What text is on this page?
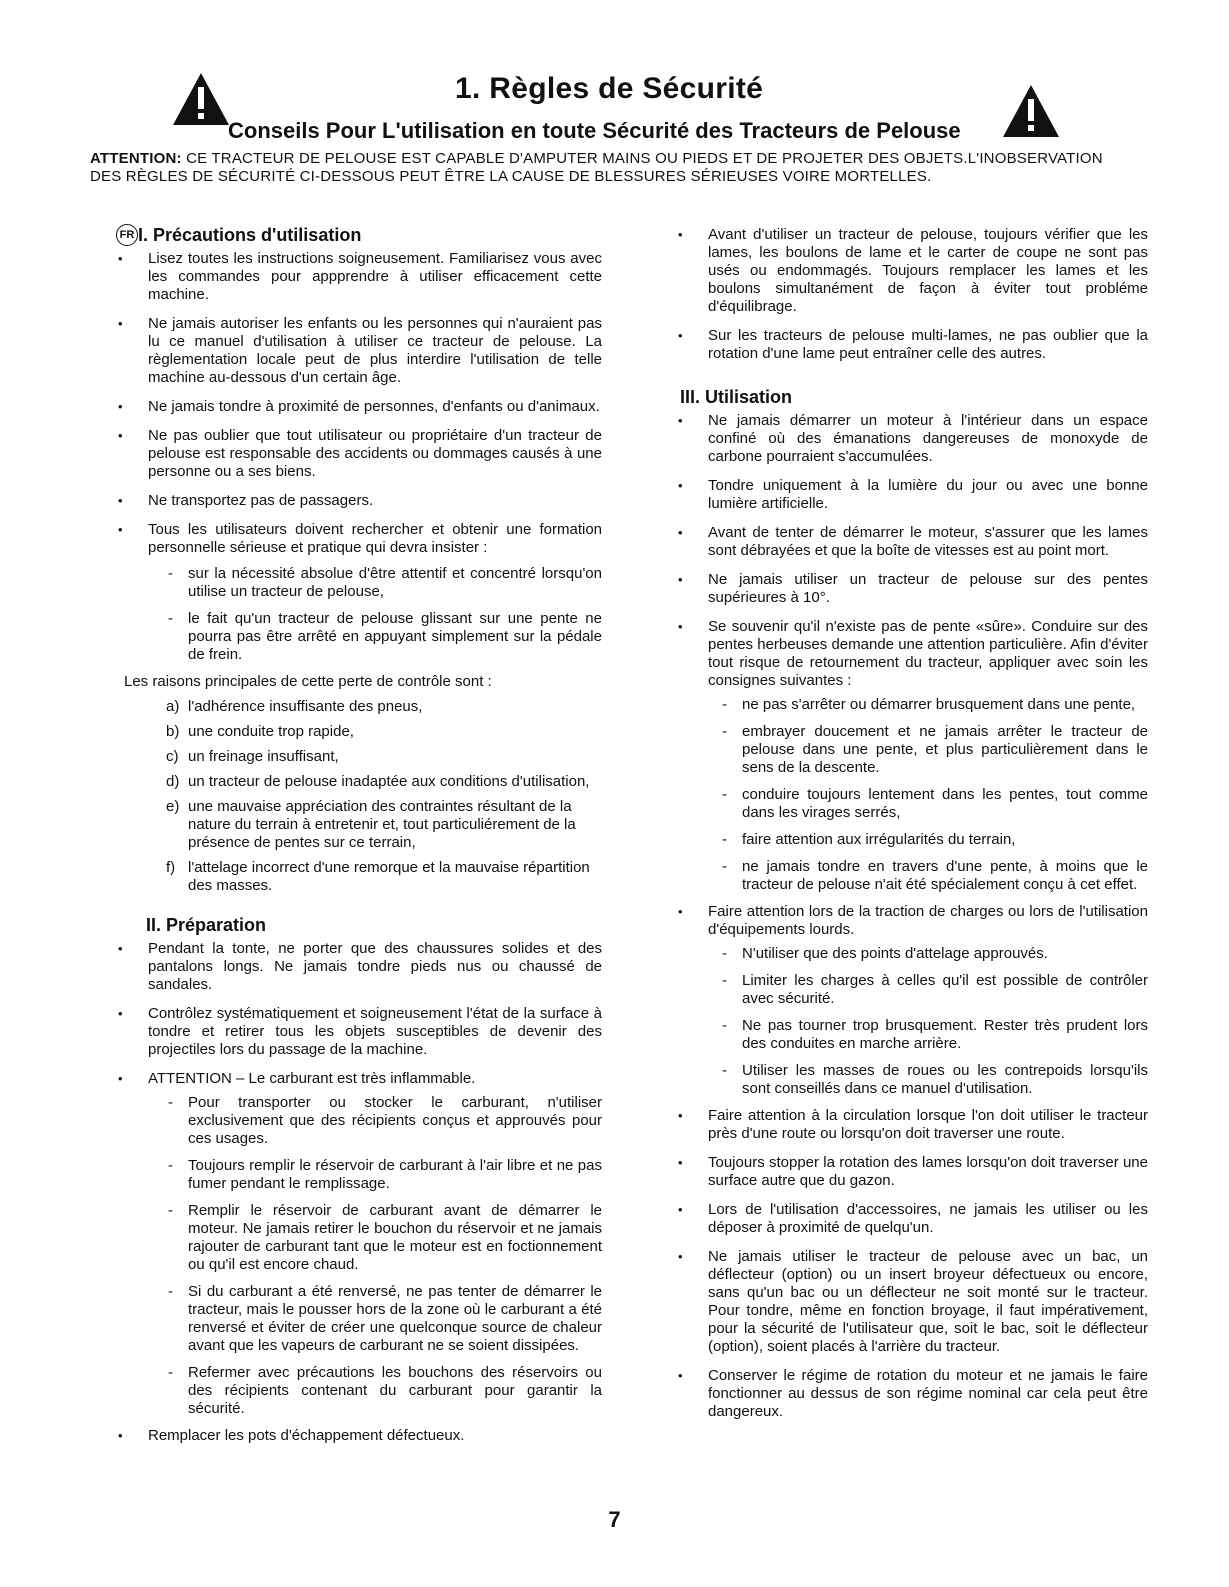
1. Règles de Sécurité
Conseils Pour L'utilisation en toute Sécurité des Tracteurs de Pelouse
ATTENTION: CE TRACTEUR DE PELOUSE EST CAPABLE D'AMPUTER MAINS OU PIEDS ET DE PROJETER DES OBJETS.L'INOBSERVATION DES RÈGLES DE SÉCURITÉ CI-DESSOUS PEUT ÊTRE LA CAUSE DE BLESSURES SÉRIEUSES VOIRE MORTELLES.
FR I. Précautions d'utilisation
• Lisez toutes les instructions soigneusement. Familiarisez vous avec les commandes pour appprendre à utiliser efficacement cette machine.
• Ne jamais autoriser les enfants ou les personnes qui n'auraient pas lu ce manuel d'utilisation à utiliser ce tracteur de pelouse. La règlementation locale peut de plus interdire l'utilisation de telle machine au-dessous d'un certain âge.
• Ne jamais tondre à proximité de personnes, d'enfants ou d'animaux.
• Ne pas oublier que tout utilisateur ou propriétaire d'un tracteur de pelouse est responsable des accidents ou dommages causés à une personne ou a ses biens.
• Ne transportez pas de passagers.
• Tous les utilisateurs doivent rechercher et obtenir une formation personnelle sérieuse et pratique qui devra insister :
- sur la nécessité absolue d'être attentif et concentré lorsqu'on utilise un tracteur de pelouse,
- le fait qu'un tracteur de pelouse glissant sur une pente ne pourra pas être arrêté en appuyant simplement sur la pédale de frein.
Les raisons principales de cette perte de contrôle sont :
a) l'adhérence insuffisante des pneus,
b) une conduite trop rapide,
c) un freinage insuffisant,
d) un tracteur de pelouse inadaptée aux conditions d'utilisation,
e) une mauvaise appréciation des contraintes résultant de la nature du terrain à entretenir et, tout particuliérement de la présence de pentes sur ce terrain,
f) l'attelage incorrect d'une remorque et la mauvaise répartition des masses.
II. Préparation
• Pendant la tonte, ne porter que des chaussures solides et des pantalons longs. Ne jamais tondre pieds nus ou chaussé de sandales.
• Contrôlez systématiquement et soigneusement l'état de la surface à tondre et retirer tous les objets susceptibles de devenir des projectiles lors du passage de la machine.
• ATTENTION – Le carburant est très inflammable.
- Pour transporter ou stocker le carburant, n'utiliser exclusivement que des récipients conçus et approuvés pour ces usages.
- Toujours remplir le réservoir de carburant à l'air libre et ne pas fumer pendant le remplissage.
- Remplir le réservoir de carburant avant de démarrer le moteur. Ne jamais retirer le bouchon du réservoir et ne jamais rajouter de carburant tant que le moteur est en foctionnement ou qu'il est encore chaud.
- Si du carburant a été renversé, ne pas tenter de démarrer le tracteur, mais le pousser hors de la zone où le carburant a été renversé et éviter de créer une quelconque source de chaleur avant que les vapeurs de carburant ne se soient dissipées.
- Refermer avec précautions les bouchons des réservoirs ou des récipients contenant du carburant pour garantir la sécurité.
• Remplacer les pots d'échappement défectueux.
• Avant d'utiliser un tracteur de pelouse, toujours vérifier que les lames, les boulons de lame et le carter de coupe ne sont pas usés ou endommagés. Toujours remplacer les lames et les boulons simultanément de façon à éviter tout probléme d'équilibrage.
• Sur les tracteurs de pelouse multi-lames, ne pas oublier que la rotation d'une lame peut entraîner celle des autres.
III. Utilisation
• Ne jamais démarrer un moteur à l'intérieur dans un espace confiné où des émanations dangereuses de monoxyde de carbone pourraient s'accumulées.
• Tondre uniquement à la lumière du jour ou avec une bonne lumière artificielle.
• Avant de tenter de démarrer le moteur, s'assurer que les lames sont débrayées et que la boîte de vitesses est au point mort.
• Ne jamais utiliser un tracteur de pelouse sur des pentes supérieures à 10°.
• Se souvenir qu'il n'existe pas de pente «sûre». Conduire sur des pentes herbeuses demande une attention particulière. Afin d'éviter tout risque de retournement du tracteur, appliquer avec soin les consignes suivantes :
- ne pas s'arrêter ou démarrer brusquement dans une pente,
- embrayer doucement et ne jamais arrêter le tracteur de pelouse dans une pente, et plus particulièrement dans le sens de la descente.
- conduire toujours lentement dans les pentes, tout comme dans les virages serrés,
- faire attention aux irrégularités du terrain,
- ne jamais tondre en travers d'une pente, à moins que le tracteur de pelouse n'ait été spécialement conçu à cet effet.
• Faire attention lors de la traction de charges ou lors de l'utilisation d'équipements lourds.
- N'utiliser que des points d'attelage approuvés.
- Limiter les charges à celles qu'il est possible de contrôler avec sécurité.
- Ne pas tourner trop brusquement. Rester très prudent lors des conduites en marche arrière.
- Utiliser les masses de roues ou les contrepoids lorsqu'ils sont conseillés dans ce manuel d'utilisation.
• Faire attention à la circulation lorsque l'on doit utiliser le tracteur près d'une route ou lorsqu'on doit traverser une route.
• Toujours stopper la rotation des lames lorsqu'on doit traverser une surface autre que du gazon.
• Lors de l'utilisation d'accessoires, ne jamais les utiliser ou les déposer à proximité de quelqu'un.
• Ne jamais utiliser le tracteur de pelouse avec un bac, un déflecteur (option) ou un insert broyeur défectueux ou encore, sans qu'un bac ou un déflecteur ne soit monté sur le tracteur. Pour tondre, même en fonction broyage, il faut impérativement, pour la sécurité de l'utilisateur que, soit le bac, soit le déflecteur (option), soient placés à l'arrière du tracteur.
• Conserver le régime de rotation du moteur et ne jamais le faire fonctionner au dessus de son régime nominal car cela peut être dangereux.
7
